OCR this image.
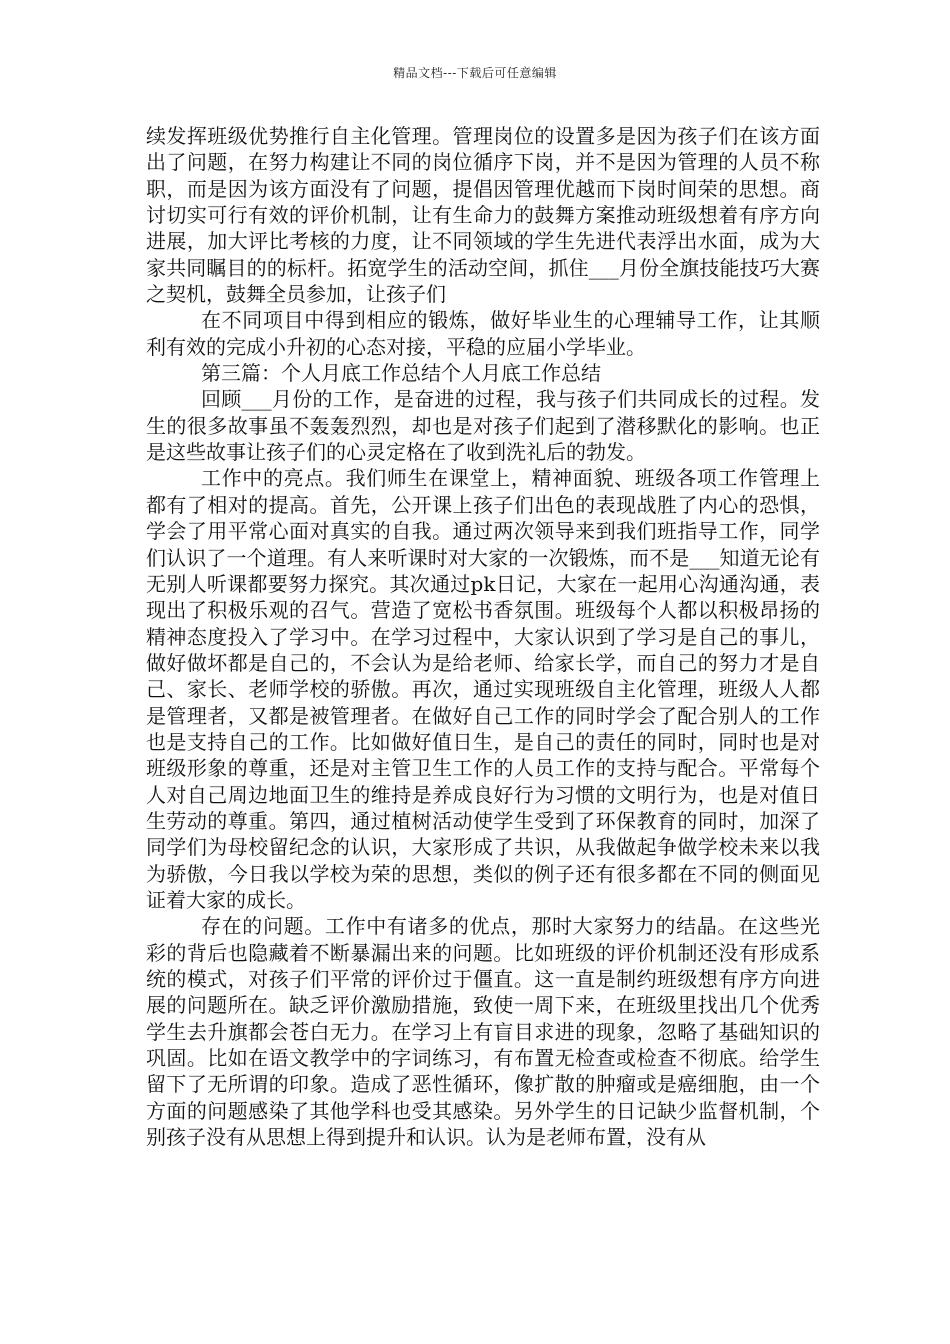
精品文档---下载后可任意编辑

续发挥班级优势推行自主化管理。管理岗位的设置多是因为孩子们在该方面出了问题，在努力构建让不同的岗位循序下岗，并不是因为管理的人员不称职，而是因为该方面没有了问题，提倡因管理优越而下岗时间荣的思想。商讨切实可行有效的评价机制，让有生命力的鼓舞方案推动班级想着有序方向进展，加大评比考核的力度，让不同领域的学生先进代表浮出水面，成为大家共同瞩目的的标杆。拓宽学生的活动空间，抓住___月份全旗技能技巧大赛之契机，鼓舞全员参加，让孩子们

在不同项目中得到相应的锻炼，做好毕业生的心理辅导工作，让其顺利有效的完成小升初的心态对接，平稳的应届小学毕业。

第三篇：个人月底工作总结个人月底工作总结

回顾___月份的工作，是奋进的过程，我与孩子们共同成长的过程。发生的很多故事虽不轰轰烈烈，却也是对孩子们起到了潜移默化的影响。也正是这些故事让孩子们的心灵定格在了收到洗礼后的勃发。

工作中的亮点。我们师生在课堂上，精神面貌、班级各项工作管理上都有了相对的提高。首先，公开课上孩子们出色的表现战胜了内心的恐惧，学会了用平常心面对真实的自我。通过两次领导来到我们班指导工作，同学们认识了一个道理。有人来听课时对大家的一次锻炼，而不是___知道无论有无别人听课都要努力探究。其次通过pk日记，大家在一起用心沟通沟通，表现出了积极乐观的召气。营造了宽松书香氛围。班级每个人都以积极昂扬的精神态度投入了学习中。在学习过程中，大家认识到了学习是自己的事儿，做好做坏都是自己的，不会认为是给老师、给家长学，而自己的努力才是自己、家长、老师学校的骄傲。再次，通过实现班级自主化管理，班级人人都是管理者，又都是被管理者。在做好自己工作的同时学会了配合别人的工作也是支持自己的工作。比如做好值日生，是自己的责任的同时，同时也是对班级形象的尊重，还是对主管卫生工作的人员工作的支持与配合。平常每个人对自己周边地面卫生的维持是养成良好行为习惯的文明行为，也是对值日生劳动的尊重。第四，通过植树活动使学生受到了环保教育的同时，加深了同学们为母校留纪念的认识，大家形成了共识，从我做起争做学校未来以我为骄傲，今日我以学校为荣的思想，类似的例子还有很多都在不同的侧面见证着大家的成长。

存在的问题。工作中有诸多的优点，那时大家努力的结晶。在这些光彩的背后也隐藏着不断暴漏出来的问题。比如班级的评价机制还没有形成系统的模式，对孩子们平常的评价过于僵直。这一直是制约班级想有序方向进展的问题所在。缺乏评价激励措施，致使一周下来，在班级里找出几个优秀学生去升旗都会苍白无力。在学习上有盲目求进的现象，忽略了基础知识的巩固。比如在语文教学中的字词练习，有布置无检查或检查不彻底。给学生留下了无所谓的印象。造成了恶性循环，像扩散的肿瘤或是癌细胞，由一个方面的问题感染了其他学科也受其感染。另外学生的日记缺少监督机制，个别孩子没有从思想上得到提升和认识。认为是老师布置，没有从
